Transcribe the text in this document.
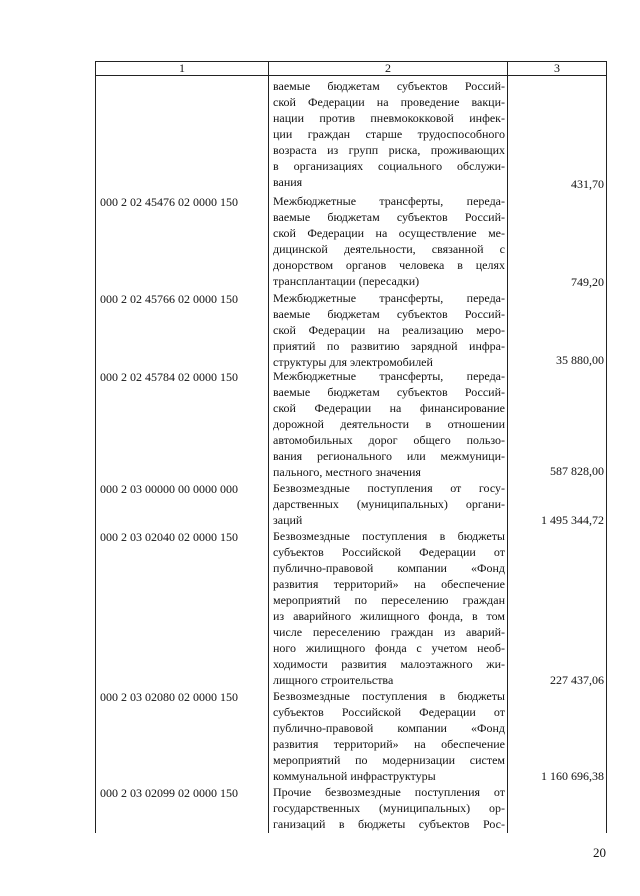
1	2	3
ваемые бюджетам субъектов Россий-
ской Федерации на проведение вакци-
нации против пневмококковой инфек-
ции граждан старше трудоспособного
возраста из групп риска, проживающих
в организациях социального обслужи-
вания	431,70
000 2 02 45476 02 0000 150	Межбюджетные трансферты, переда-
ваемые бюджетам субъектов Россий-
ской Федерации на осуществление ме-
дицинской деятельности, связанной с
донорством органов человека в целях
трансплантации (пересадки)	749,20
000 2 02 45766 02 0000 150	Межбюджетные трансферты, переда-
ваемые бюджетам субъектов Россий-
ской Федерации на реализацию меро-
приятий по развитию зарядной инфра-
структуры для электромобилей	35 880,00
000 2 02 45784 02 0000 150	Межбюджетные трансферты, переда-
ваемые бюджетам субъектов Россий-
ской Федерации на финансирование
дорожной деятельности в отношении
автомобильных дорог общего пользо-
вания регионального или межмуници-
пального, местного значения	587 828,00
000 2 03 00000 00 0000 000	Безвозмездные поступления от госу-
дарственных (муниципальных) органи-
заций	1 495 344,72
000 2 03 02040 02 0000 150	Безвозмездные поступления в бюджеты
субъектов Российской Федерации от
публично-правовой компании «Фонд
развития территорий» на обеспечение
мероприятий по переселению граждан
из аварийного жилищного фонда, в том
числе переселению граждан из аварий-
ного жилищного фонда с учетом необ-
ходимости развития малоэтажного жи-
лищного строительства	227 437,06
000 2 03 02080 02 0000 150	Безвозмездные поступления в бюджеты
субъектов Российской Федерации от
публично-правовой компании «Фонд
развития территорий» на обеспечение
мероприятий по модернизации систем
коммунальной инфраструктуры	1 160 696,38
000 2 03 02099 02 0000 150	Прочие безвозмездные поступления от
государственных (муниципальных) ор-
ганизаций в бюджеты субъектов Рос-
20
